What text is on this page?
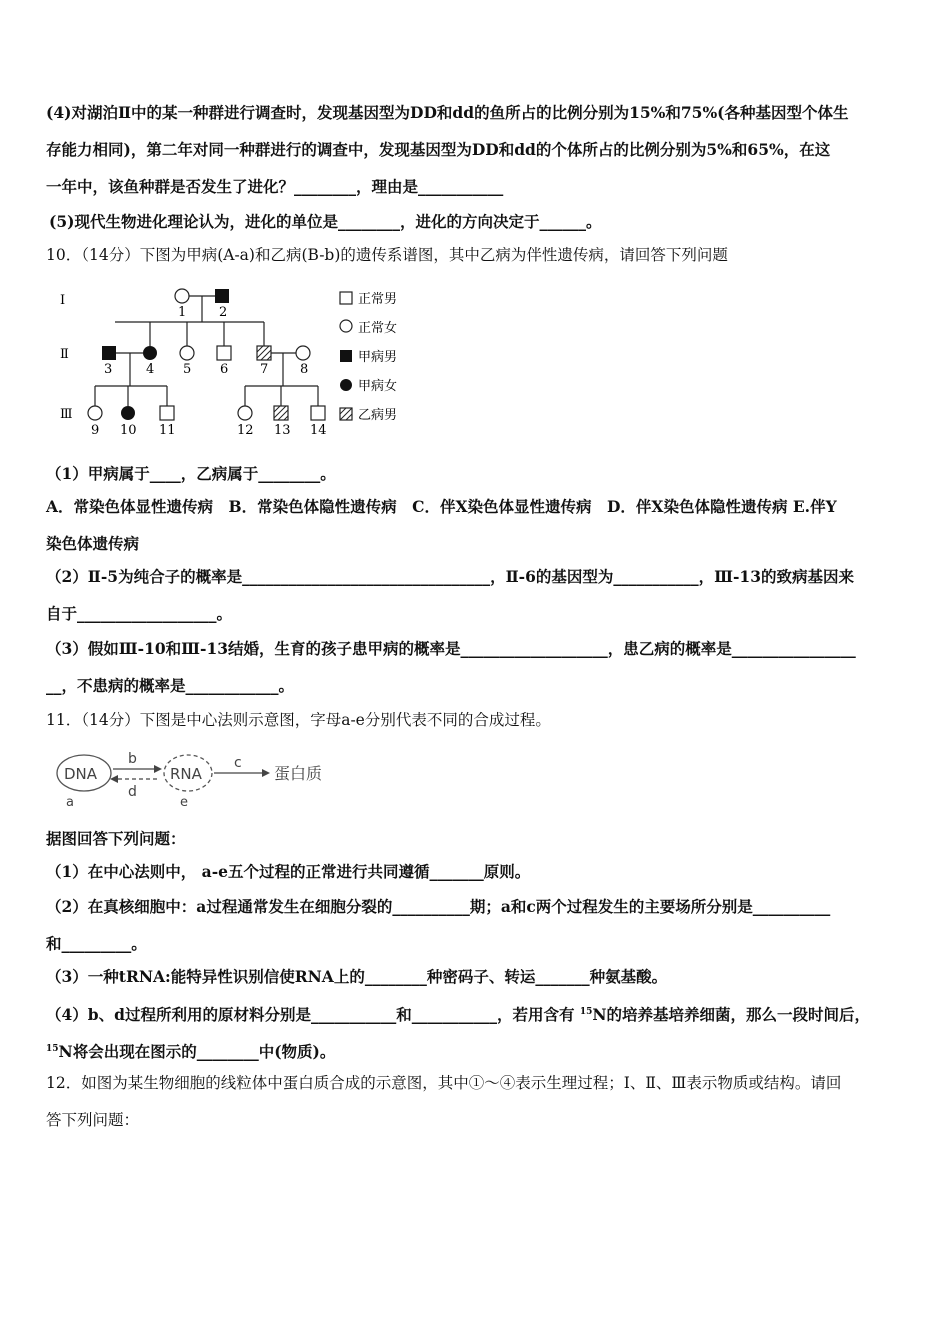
(4)对湖泊Ⅱ中的某一种群进行调查时，发现基因型为DD和dd的鱼所占的比例分别为15%和75%(各种基因型个体生
存能力相同)，第二年对同一种群进行的调查中，发现基因型为DD和dd的个体所占的比例分别为5%和65%，在这
一年中，该鱼种群是否发生了进化？________，理由是___________
(5)现代生物进化理论认为，进化的单位是________，进化的方向决定于______。
10．（14分）下图为甲病(A-a)和乙病(B-b)的遗传系谱图，其中乙病为伴性遗传病，请回答下列问题
Ⅰ
Ⅱ
Ⅲ
1	2
3	4 5 6 7 8
9 10 11	12 13 14
正常男
正常女
甲病男
甲病女
乙病男
（1）甲病属于____，乙病属于________。
A．常染色体显性遗传病　B．常染色体隐性遗传病　C．伴X染色体显性遗传病　D．伴X染色体隐性遗传病 E.伴Y
染色体遗传病
（2）Ⅱ-5为纯合子的概率是________________________________，Ⅱ-6的基因型为___________，Ⅲ-13的致病基因来
自于__________________。
（3）假如Ⅲ-10和Ⅲ-13结婚，生育的孩子患甲病的概率是___________________，患乙病的概率是________________
__，不患病的概率是____________。
11．（14分）下图是中心法则示意图，字母a-e分别代表不同的合成过程。
DNA
a
b
d
RNA
e
c
蛋白质
据图回答下列问题：
（1）在中心法则中， a-e五个过程的正常进行共同遵循_______原则。
（2）在真核细胞中：a过程通常发生在细胞分裂的__________期；a和c两个过程发生的主要场所分别是__________
和_________。
（3）一种tRNA:能特异性识别信使RNA上的________种密码子、转运_______种氨基酸。
（4）b、d过程所利用的原材料分别是___________和___________，若用含有 $^{15}$N的培养基培养细菌，那么一段时间后，
$^{15}$N将会出现在图示的________中(物质)。
12．如图为某生物细胞的线粒体中蛋白质合成的示意图，其中①～④表示生理过程；Ⅰ、Ⅱ、Ⅲ表示物质或结构。请回
答下列问题：
